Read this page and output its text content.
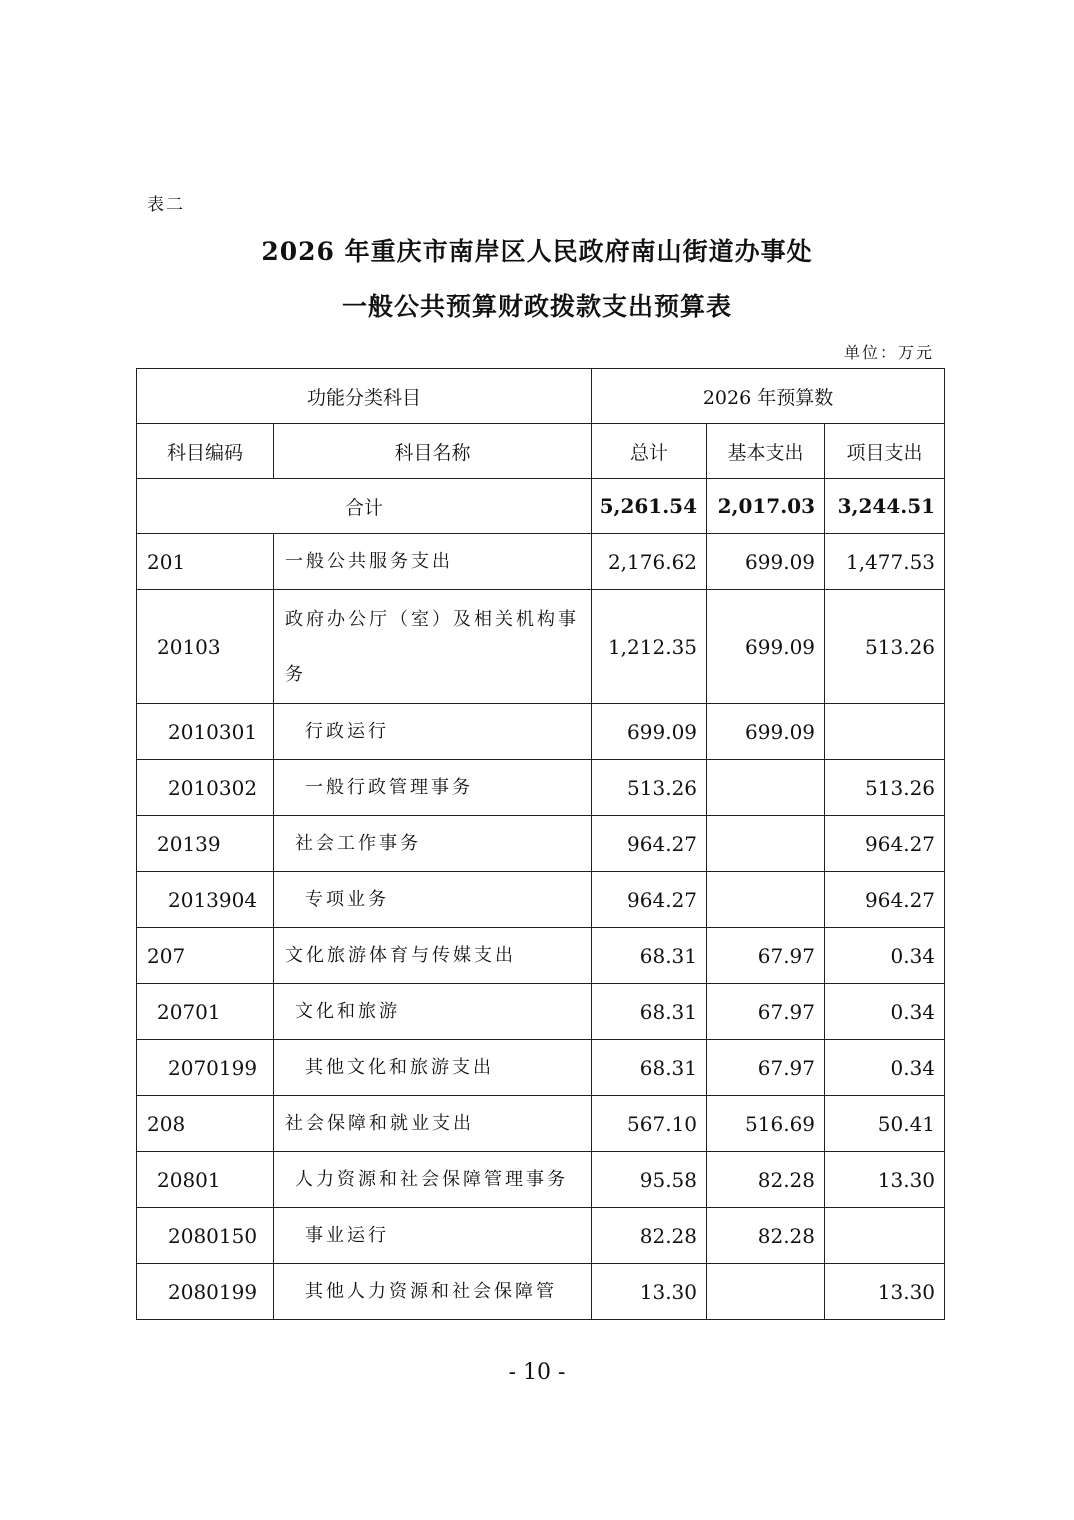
表二
2026 年重庆市南岸区人民政府南山街道办事处
一般公共预算财政拨款支出预算表
单位：万元
功能分类科目		2026 年预算数		
科目编码	科目名称	总计	基本支出	项目支出
合计		5,261.54	2,017.03	3,244.51
201	一般公共服务支出	2,176.62	699.09	1,477.53
20103	政府办公厅（室）及相关机构事务	1,212.35	699.09	513.26
2010301	行政运行	699.09	699.09	
2010302	一般行政管理事务	513.26		513.26
20139	社会工作事务	964.27		964.27
2013904	专项业务	964.27		964.27
207	文化旅游体育与传媒支出	68.31	67.97	0.34
20701	文化和旅游	68.31	67.97	0.34
2070199	其他文化和旅游支出	68.31	67.97	0.34
208	社会保障和就业支出	567.10	516.69	50.41
20801	人力资源和社会保障管理事务	95.58	82.28	13.30
2080150	事业运行	82.28	82.28	
2080199	其他人力资源和社会保障管	13.30		13.30
- 10 -
